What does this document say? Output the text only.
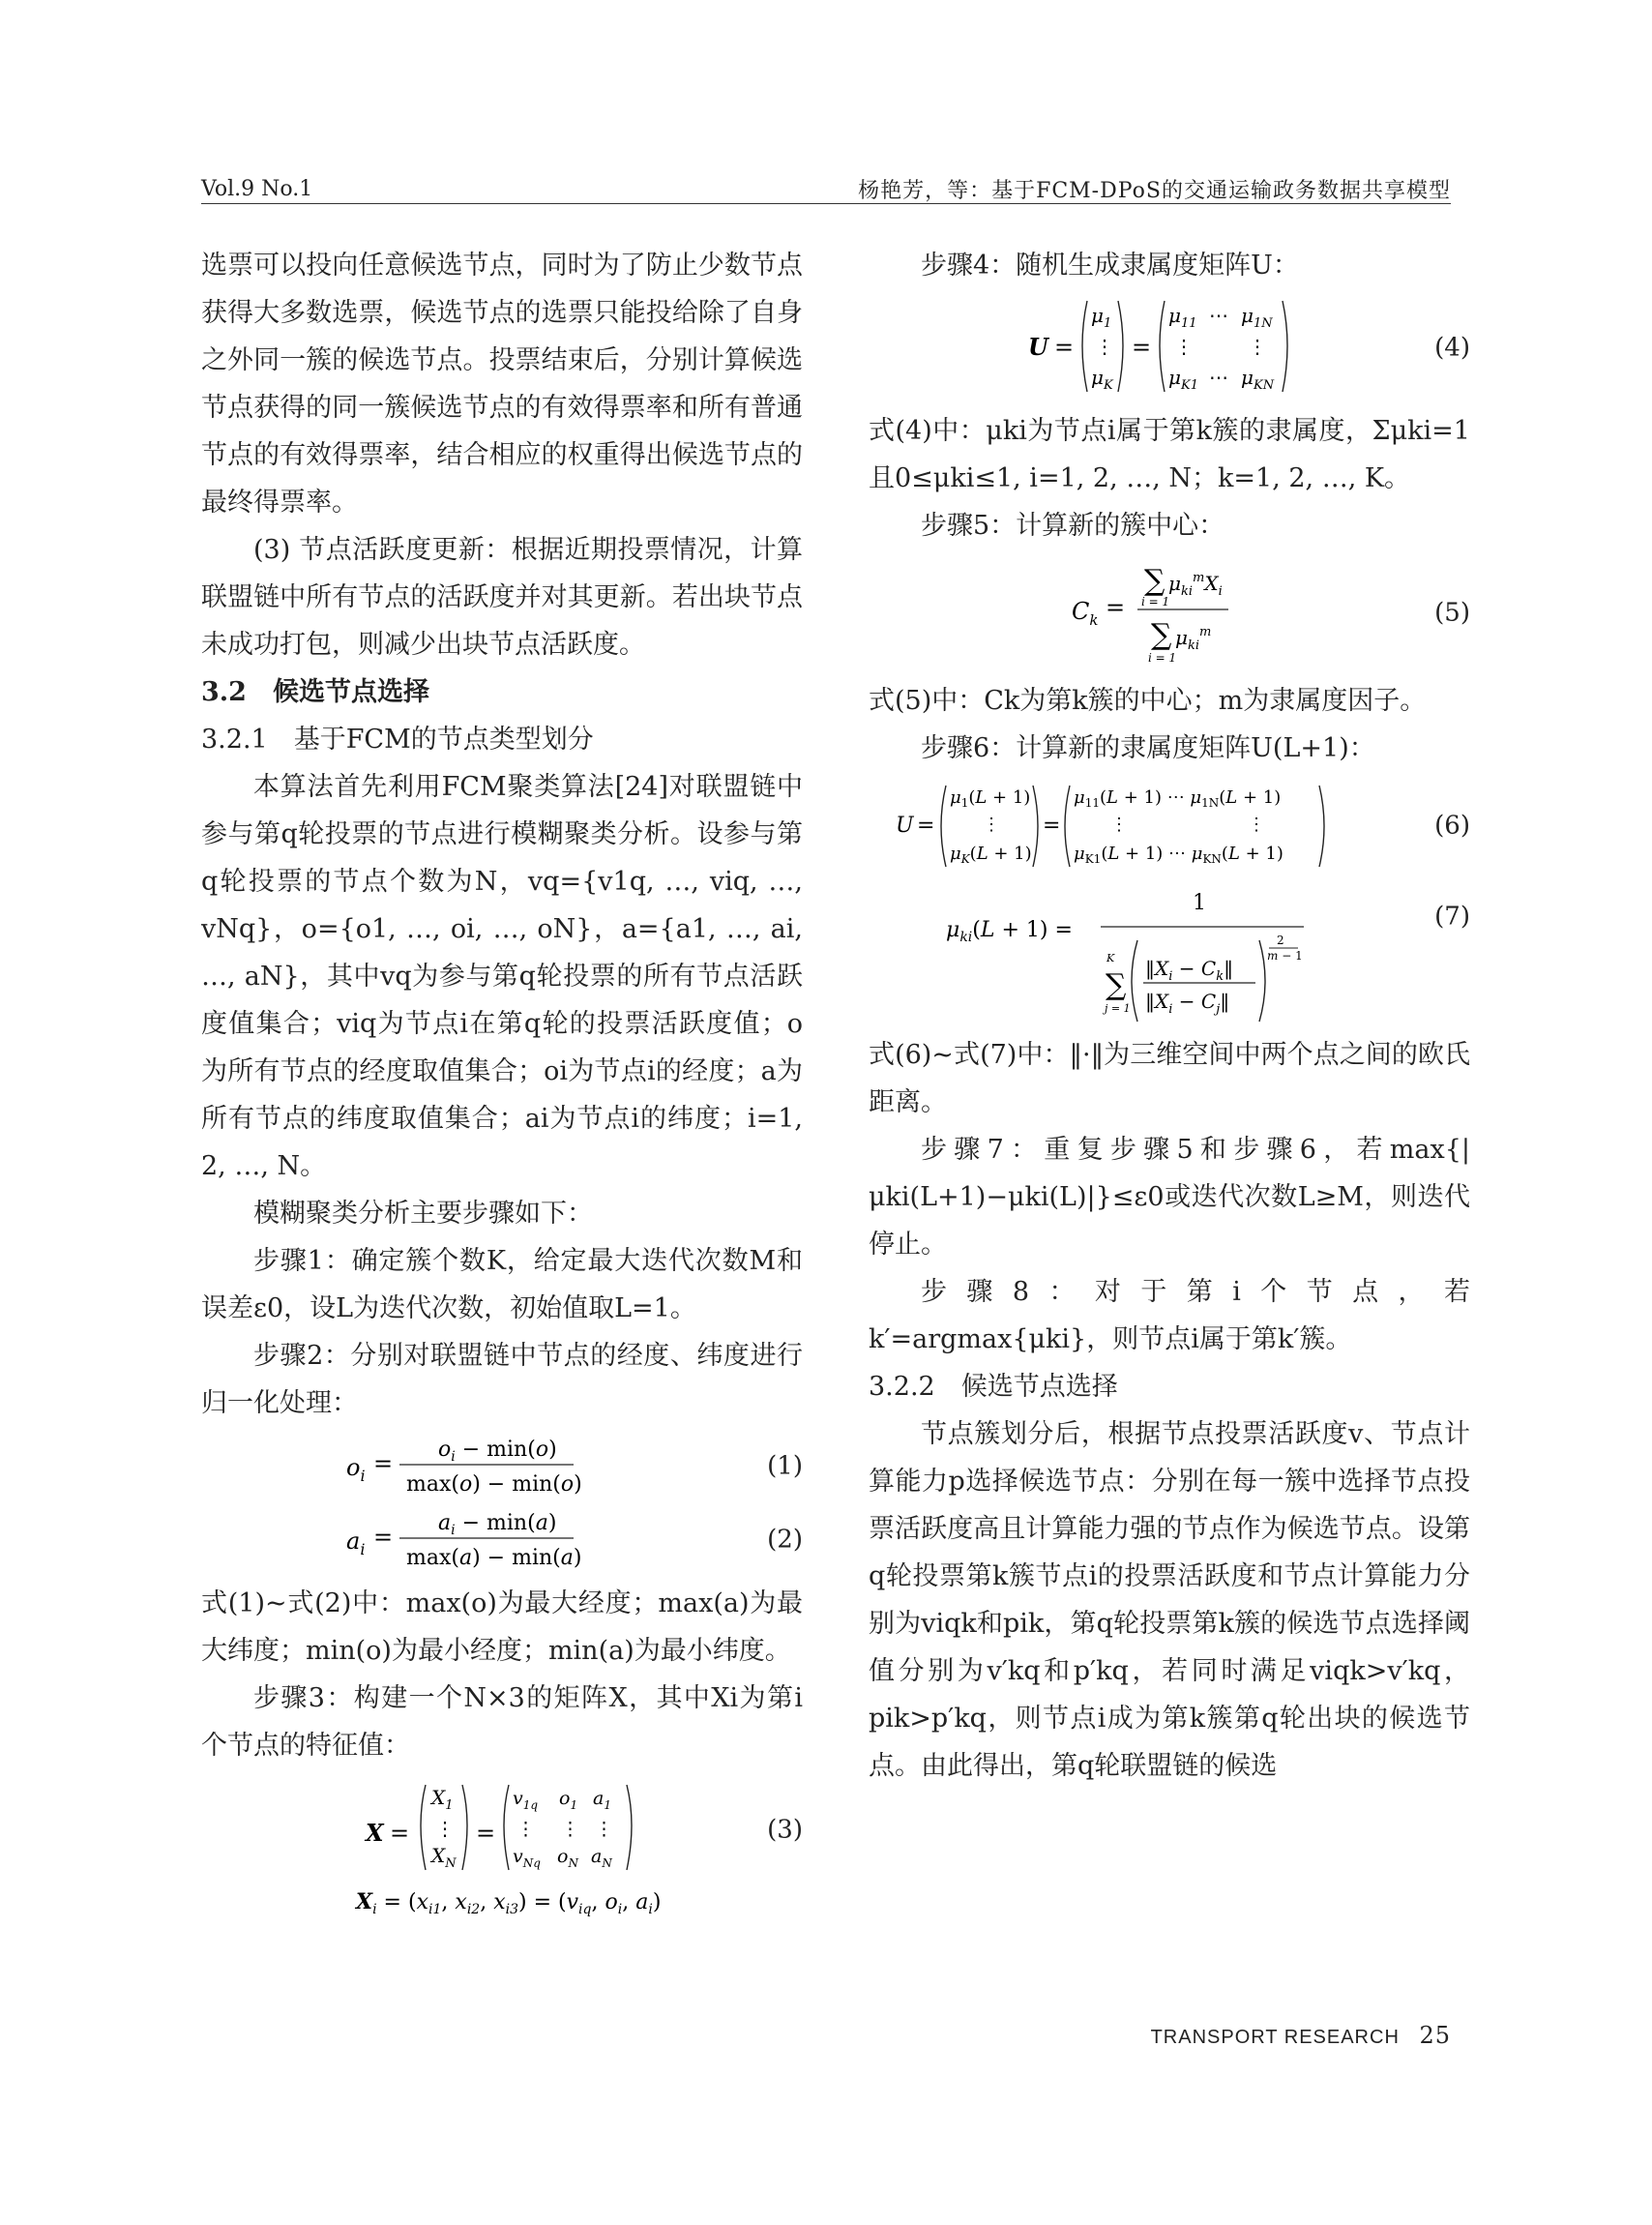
Vol.9 No.1	杨艳芳，等：基于FCM-DPoS的交通运输政务数据共享模型

选票可以投向任意候选节点，同时为了防止少数节点获得大多数选票，候选节点的选票只能投给除了自身之外同一簇的候选节点。投票结束后，分别计算候选节点获得的同一簇候选节点的有效得票率和所有普通节点的有效得票率，结合相应的权重得出候选节点的最终得票率。

(3) 节点活跃度更新：根据近期投票情况，计算联盟链中所有节点的活跃度并对其更新。若出块节点未成功打包，则减少出块节点活跃度。

3.2　候选节点选择

3.2.1　基于FCM的节点类型划分

本算法首先利用FCM聚类算法[24]对联盟链中参与第q轮投票的节点进行模糊聚类分析。设参与第q轮投票的节点个数为N，vq={v1q, …, viq, …, vNq}，o={o1, …, oi, …, oN}，a={a1, …, ai, …, aN}，其中vq为参与第q轮投票的所有节点活跃度值集合；viq为节点i在第q轮的投票活跃度值；o为所有节点的经度取值集合；oi为节点i的经度；a为所有节点的纬度取值集合；ai为节点i的纬度；i=1, 2, …, N。

模糊聚类分析主要步骤如下：

步骤1：确定簇个数K，给定最大迭代次数M和误差ε0，设L为迭代次数，初始值取L=1。

步骤2：分别对联盟链中节点的经度、纬度进行归一化处理：

$o_i$ =
$o_i - \min(o)$
max(o) − min(o)
(1)
$a_i$ =
$a_i - \min(a)$
max(a) − min(a)
(2)

式(1)~式(2)中：max(o)为最大经度；max(a)为最大纬度；min(o)为最小经度；min(a)为最小纬度。

步骤3：构建一个N×3的矩阵X，其中Xi为第i个节点的特征值：

X =
$X_1$
⋮
$X_N$
=
$v_{1q}$ $o_1$ $a_1$
⋮ ⋮ ⋮
$v_{Nq}$ $o_N$ $a_N$
$X_i = (x_{i1}$, $x_{i2}$, $x_{i3}) = (v_{iq}$, $o_i$, $a_i$)
(3)

步骤4：随机生成隶属度矩阵U：

U =
$\mu_1$
⋮
$\mu_K$
=
$\mu_{11}$ ⋯ $\mu_{1N}$
⋮	⋮
$\mu_{K1}$ ⋯ $\mu_{KN}$
(4)

式(4)中：μki为节点i属于第k簇的隶属度，Σμki=1且0≤μki≤1, i=1, 2, …, N；k=1, 2, …, K。

步骤5：计算新的簇中心：

$C_k$ =
∑ $\mu_{ki}^mX_i$
i = 1
∑ $\mu_{ki}^m$
i = 1
(5)

式(5)中：Ck为第k簇的中心；m为隶属度因子。

步骤6：计算新的隶属度矩阵U(L+1)：

U =
$\mu_1(L + 1)$
⋮
$\mu_K(L + 1)$
=
$\mu_{11}(L + 1)$ ⋯ $\mu_{1N}(L + 1)$
⋮	⋮
$\mu_{K1}(L + 1)$ ⋯ $\mu_{KN}(L + 1)$
(6)
$\mu_{ki}(L + 1)$ =
1
∑
K
j = 1
$‖X_i$ − $C_k‖$
$‖X_i$ − $C_j‖$
2
m − 1
(7)

式(6)~式(7)中：‖·‖为三维空间中两个点之间的欧氏距离。

步骤7：重复步骤5和步骤6，若max{|μki(L+1)−μki(L)|}≤ε0或迭代次数L≥M，则迭代停止。

步骤8：对于第i个节点，若k′=argmax{μki}，则节点i属于第k′簇。

3.2.2　候选节点选择

节点簇划分后，根据节点投票活跃度v、节点计算能力p选择候选节点：分别在每一簇中选择节点投票活跃度高且计算能力强的节点作为候选节点。设第q轮投票第k簇节点i的投票活跃度和节点计算能力分别为viqk和pik，第q轮投票第k簇的候选节点选择阈值分别为v′kq和p′kq，若同时满足viqk>v′kq，pik>p′kq，则节点i成为第k簇第q轮出块的候选节点。由此得出，第q轮联盟链的候选

TRANSPORT RESEARCH 25
